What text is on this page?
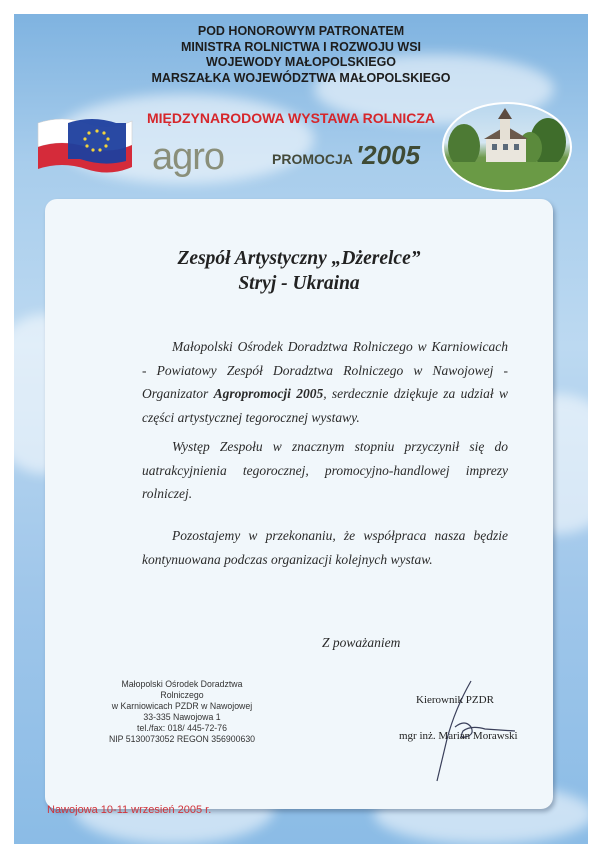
POD HONOROWYM PATRONATEM
MINISTRA ROLNICTWA I ROZWOJU WSI
WOJEWODY MAŁOPOLSKIEGO
MARSZAŁKA WOJEWÓDZTWA MAŁOPOLSKIEGO
MIĘDZYNARODOWA WYSTAWA ROLNICZA
agro	PROMOCJA '2005
Zespół Artystyczny „Dżerelce”
Stryj - Ukraina
Małopolski Ośrodek Doradztwa Rolniczego w Karniowicach - Powiatowy Zespół Doradztwa Rolniczego w Nawojowej - Organizator Agropromocji 2005, serdecznie dziękuje za udział w części artystycznej tegorocznej wystawy.
Występ Zespołu w znacznym stopniu przyczynił się do uatrakcyjnienia tegorocznej, promocyjno-handlowej imprezy rolniczej.
Pozostajemy w przekonaniu, że współpraca nasza będzie kontynuowana podczas organizacji kolejnych wystaw.
Z poważaniem
Małopolski Ośrodek Doradztwa Rolniczego
w Karniowicach PZDR w Nawojowej
33-335 Nawojowa 1
tel./fax: 018/ 445-72-76
NIP 5130073052 REGON 356900630
Kierownik PZDR
mgr inż. Marian Morawski
Nawojowa 10-11 wrzesień 2005 r.
